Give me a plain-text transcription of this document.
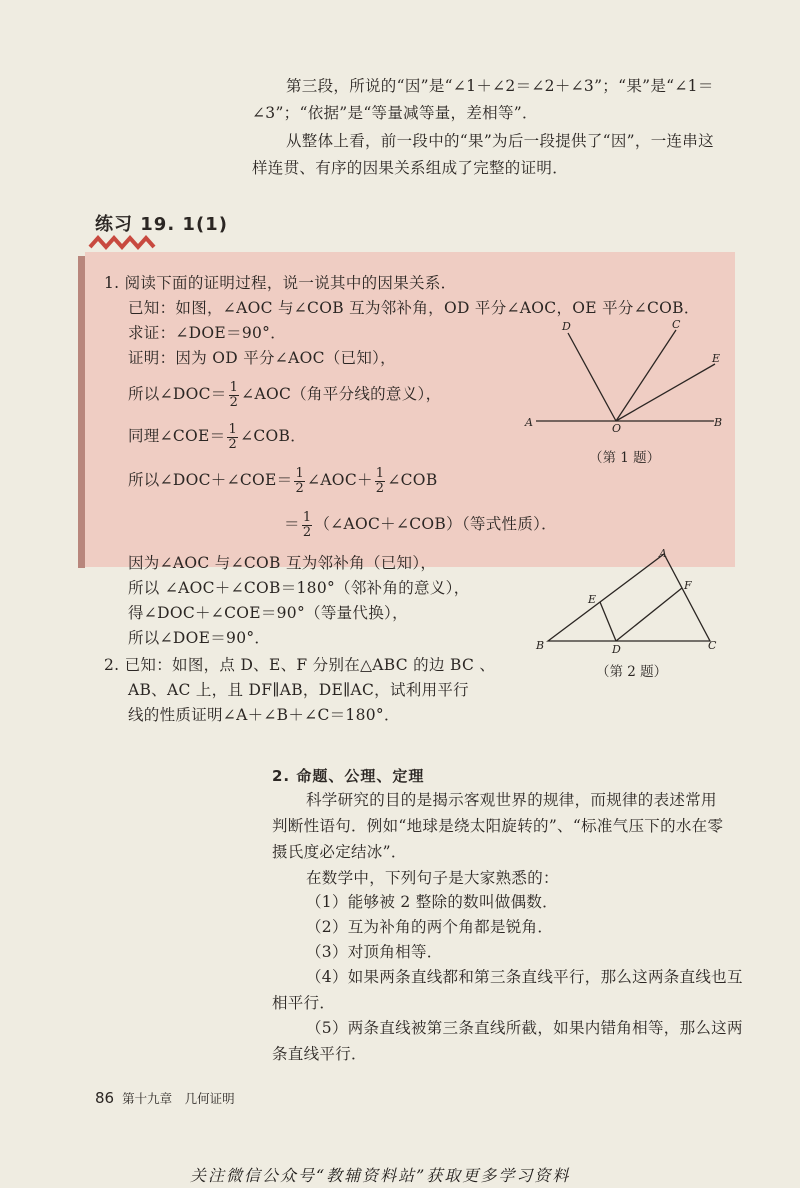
第三段，所说的“因”是“∠1＋∠2＝∠2＋∠3”；“果”是“∠1＝
∠3”；“依据”是“等量减等量，差相等”．
从整体上看，前一段中的“果”为后一段提供了“因”，一连串这
样连贯、有序的因果关系组成了完整的证明．
练习 19. 1(1)
1. 阅读下面的证明过程，说一说其中的因果关系．
已知：如图，∠AOC 与∠COB 互为邻补角，OD 平分∠AOC，OE 平分∠COB．
求证：∠DOE＝90°．
证明：因为 OD 平分∠AOC（已知），
所以∠DOC＝ $\frac{1}{2}$ ∠AOC（角平分线的意义），
同理∠COE＝ $\frac{1}{2}$ ∠COB．
所以∠DOC＋∠COE＝ $\frac{1}{2}$ ∠AOC＋ $\frac{1}{2}$ ∠COB
＝ $\frac{1}{2}$ （∠AOC＋∠COB）（等式性质）．
因为∠AOC 与∠COB 互为邻补角（已知），
所以 ∠AOC＋∠COB＝180°（邻补角的意义），
得∠DOC＋∠COE＝90°（等量代换），
所以∠DOE＝90°．
A	B
O
D	C
E
（第 1 题）
A
B	C
D
E
F
（第 2 题）
2. 已知：如图，点 D、E、F 分别在△ABC 的边 BC 、
AB、AC 上，且 DF∥AB，DE∥AC，试利用平行
线的性质证明∠A＋∠B＋∠C＝180°．
2. 命题、公理、定理
科学研究的目的是揭示客观世界的规律，而规律的表述常用
判断性语句．例如“地球是绕太阳旋转的”、“标准气压下的水在零
摄氏度必定结冰”．
在数学中，下列句子是大家熟悉的：
（1）能够被 2 整除的数叫做偶数．
（2）互为补角的两个角都是锐角．
（3）对顶角相等．
（4）如果两条直线都和第三条直线平行，那么这两条直线也互
相平行．
（5）两条直线被第三条直线所截，如果内错角相等，那么这两
条直线平行．
86 第十九章　几何证明
关注微信公众号“教辅资料站”获取更多学习资料
